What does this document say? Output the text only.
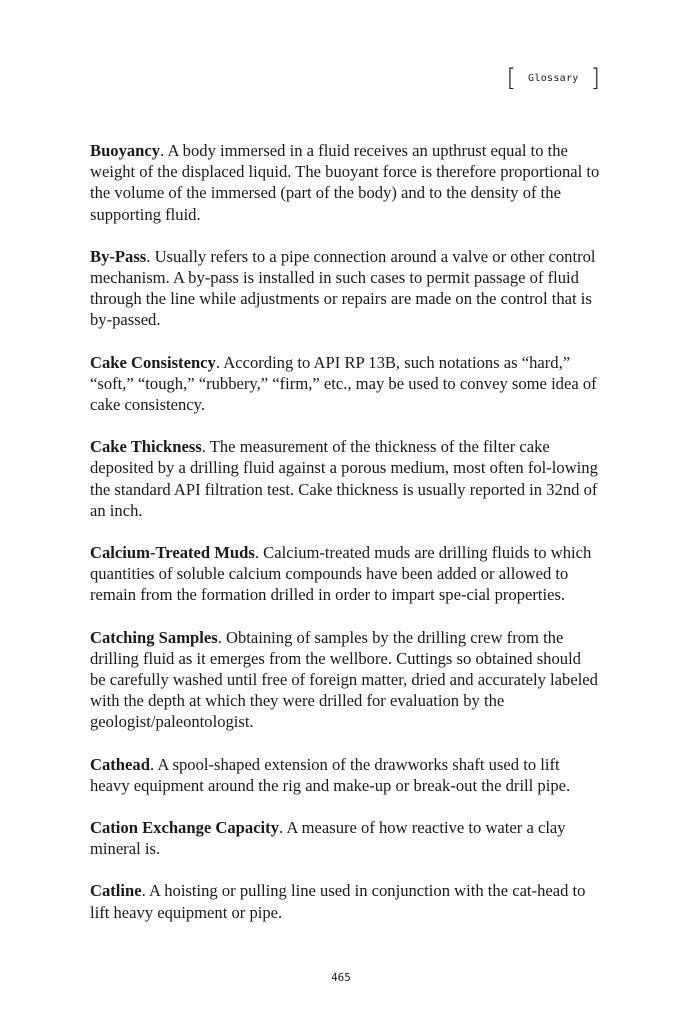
[	Glossary ]

Buoyancy. A body immersed in a fluid receives an upthrust equal to the weight of the displaced liquid. The buoyant force is therefore proportional to the volume of the immersed (part of the body) and to the density of the supporting fluid.

By-Pass. Usually refers to a pipe connection around a valve or other control mechanism. A by-pass is installed in such cases to permit passage of fluid through the line while adjustments or repairs are made on the control that is by-passed.

Cake Consistency. According to API RP 13B, such notations as “hard,” “soft,” “tough,” “rubbery,” “firm,” etc., may be used to convey some idea of cake consistency.

Cake Thickness. The measurement of the thickness of the filter cake deposited by a drilling fluid against a porous medium, most often fol-lowing the standard API filtration test. Cake thickness is usually reported in 32nd of an inch.

Calcium-Treated Muds. Calcium-treated muds are drilling fluids to which quantities of soluble calcium compounds have been added or allowed to remain from the formation drilled in order to impart spe-cial properties.

Catching Samples. Obtaining of samples by the drilling crew from the drilling fluid as it emerges from the wellbore. Cuttings so obtained should be carefully washed until free of foreign matter, dried and accurately labeled with the depth at which they were drilled for evaluation by the geologist/paleontologist.

Cathead. A spool-shaped extension of the drawworks shaft used to lift heavy equipment around the rig and make-up or break-out the drill pipe.

Cation Exchange Capacity. A measure of how reactive to water a clay mineral is.

Catline. A hoisting or pulling line used in conjunction with the cat-head to lift heavy equipment or pipe.

465
